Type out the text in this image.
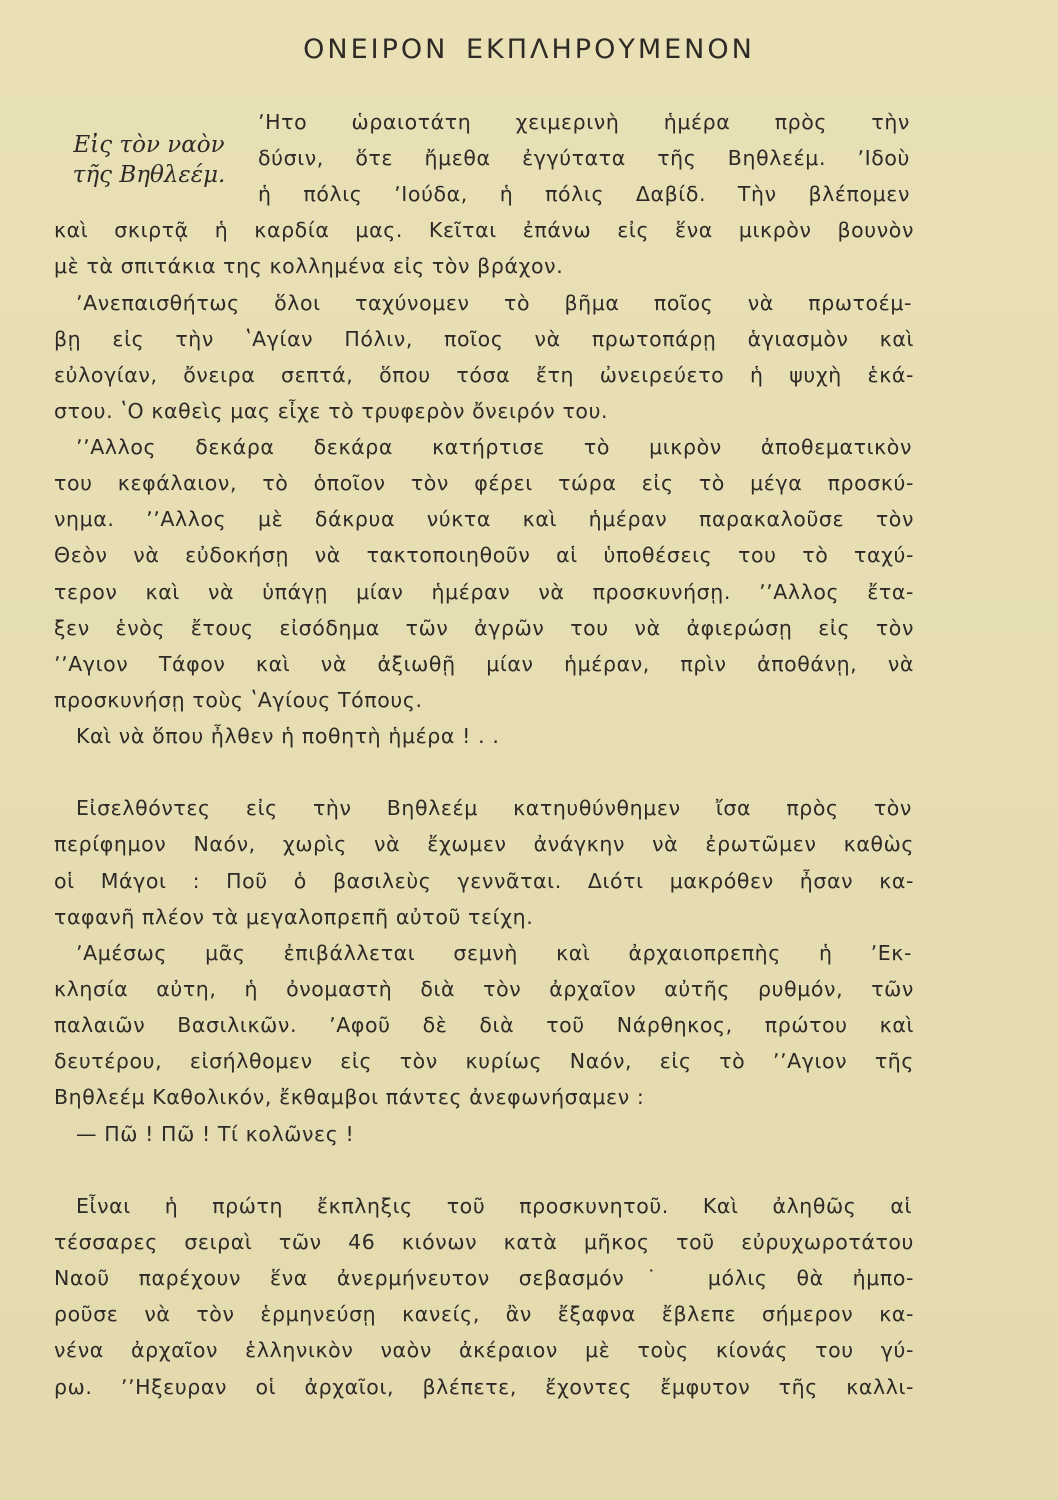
ΟΝΕΙΡΟΝ ΕΚΠΛΗΡΟΥΜΕΝΟΝ
Εἰς τὸν ναὸν
τῆς Βηθλεέμ.
ʼΗτο ὡραιοτάτη χειμερινὴ ἡμέρα πρὸς τὴν
δύσιν, ὅτε ἤμεθα ἐγγύτατα τῆς Βηθλεέμ. ʼΙδοὺ
ἡ πόλις ʼΙούδα, ἡ πόλις Δαβίδ. Τὴν βλέπομεν
καὶ σκιρτᾷ ἡ καρδία μας. Κεῖται ἐπάνω εἰς ἕνα μικρὸν βουνὸν
μὲ τὰ σπιτάκια της κολλημένα εἰς τὸν βράχον.
ʼΑνεπαισθήτως ὅλοι ταχύνομεν τὸ βῆμα ποῖος νὰ πρωτοέμ-
βῃ εἰς τὴν ʽΑγίαν Πόλιν, ποῖος νὰ πρωτοπάρῃ ἁγιασμὸν καὶ
εὐλογίαν, ὄνειρα σεπτά, ὅπου τόσα ἔτη ὠνειρεύετο ἡ ψυχὴ ἑκά-
στου. ʽΟ καθεὶς μας εἶχε τὸ τρυφερὸν ὄνειρόν του.
ʼʼΑλλος δεκάρα δεκάρα κατήρτισε τὸ μικρὸν ἀποθεματικὸν
του κεφάλαιον, τὸ ὁποῖον τὸν φέρει τώρα εἰς τὸ μέγα προσκύ-
νημα. ʼʼΑλλος μὲ δάκρυα νύκτα καὶ ἡμέραν παρακαλοῦσε τὸν
Θεὸν νὰ εὐδοκήσῃ νὰ τακτοποιηθοῦν αἱ ὑποθέσεις του τὸ ταχύ-
τερον καὶ νὰ ὑπάγῃ μίαν ἡμέραν νὰ προσκυνήσῃ. ʼʼΑλλος ἔτα-
ξεν ἑνὸς ἔτους εἰσόδημα τῶν ἀγρῶν του νὰ ἀφιερώσῃ εἰς τὸν
ʼʼΑγιον Τάφον καὶ νὰ ἀξιωθῇ μίαν ἡμέραν, πρὶν ἀποθάνῃ, νὰ
προσκυνήσῃ τοὺς ʽΑγίους Τόπους.
Καὶ νὰ ὅπου ἦλθεν ἡ ποθητὴ ἡμέρα ! . .
Εἰσελθόντες εἰς τὴν Βηθλεέμ κατηυθύνθημεν ἴσα πρὸς τὸν
περίφημον Ναόν, χωρὶς νὰ ἔχωμεν ἀνάγκην νὰ ἐρωτῶμεν καθὼς
οἱ Μάγοι : Ποῦ ὁ βασιλεὺς γεννᾶται. Διότι μακρόθεν ἦσαν κα-
ταφανῆ πλέον τὰ μεγαλοπρεπῆ αὐτοῦ τείχη.
ʼΑμέσως μᾶς ἐπιβάλλεται σεμνὴ καὶ ἀρχαιοπρεπὴς ἡ ʼΕκ-
κλησία αὐτη, ἡ ὀνομαστὴ διὰ τὸν ἀρχαῖον αὐτῆς ρυθμόν, τῶν
παλαιῶν Βασιλικῶν. ʼΑφοῦ δὲ διὰ τοῦ Νάρθηκος, πρώτου καὶ
δευτέρου, εἰσήλθομεν εἰς τὸν κυρίως Ναόν, εἰς τὸ ʼʼΑγιον τῆς
Βηθλεέμ Καθολικόν, ἔκθαμβοι πάντες ἀνεφωνήσαμεν :
— Πῶ ! Πῶ ! Τί κολῶνες !
Εἶναι ἡ πρώτη ἔκπληξις τοῦ προσκυνητοῦ. Καὶ ἀληθῶς αἱ
τέσσαρες σειραὶ τῶν 46 κιόνων κατὰ μῆκος τοῦ εὐρυχωροτάτου
Ναοῦ παρέχουν ἕνα ἀνερμήνευτον σεβασμόν˙ μόλις θὰ ἠμπο-
ροῦσε νὰ τὸν ἑρμηνεύσῃ κανείς, ἂν ἔξαφνα ἔβλεπε σήμερον κα-
νένα ἀρχαῖον ἑλληνικὸν ναὸν ἀκέραιον μὲ τοὺς κίονάς του γύ-
ρω. ʼʼΗξευραν οἱ ἀρχαῖοι, βλέπετε, ἔχοντες ἔμφυτον τῆς καλλι-
